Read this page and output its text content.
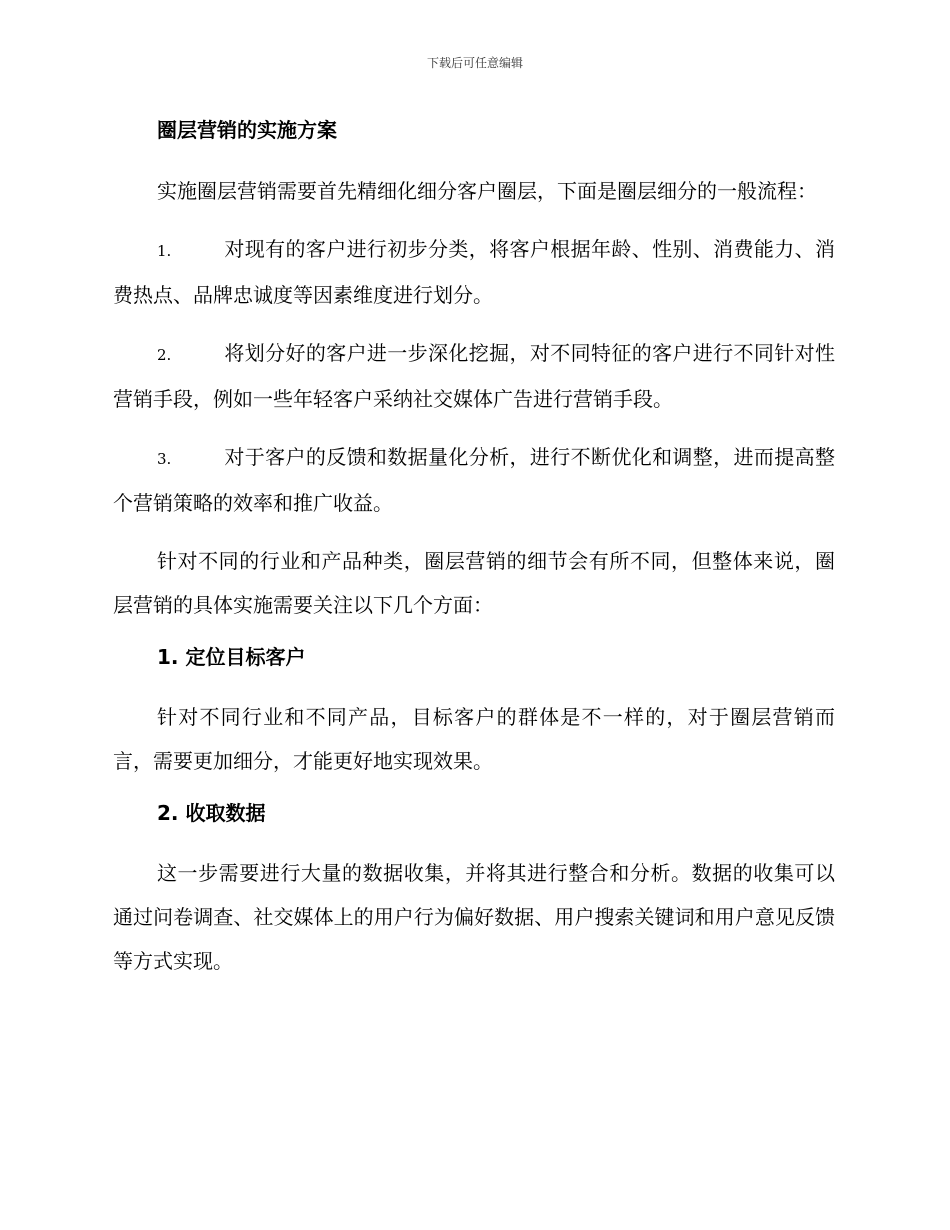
下载后可任意编辑
圈层营销的实施方案

实施圈层营销需要首先精细化细分客户圈层，下面是圈层细分的一般流程：

1.	对现有的客户进行初步分类，将客户根据年龄、性别、消费能力、消费热点、品牌忠诚度等因素维度进行划分。

2.	将划分好的客户进一步深化挖掘，对不同特征的客户进行不同针对性营销手段，例如一些年轻客户采纳社交媒体广告进行营销手段。

3.	对于客户的反馈和数据量化分析，进行不断优化和调整，进而提高整个营销策略的效率和推广收益。

针对不同的行业和产品种类，圈层营销的细节会有所不同，但整体来说，圈层营销的具体实施需要关注以下几个方面：

1. 定位目标客户

针对不同行业和不同产品，目标客户的群体是不一样的，对于圈层营销而言，需要更加细分，才能更好地实现效果。

2. 收取数据

这一步需要进行大量的数据收集，并将其进行整合和分析。数据的收集可以通过问卷调查、社交媒体上的用户行为偏好数据、用户搜索关键词和用户意见反馈等方式实现。
